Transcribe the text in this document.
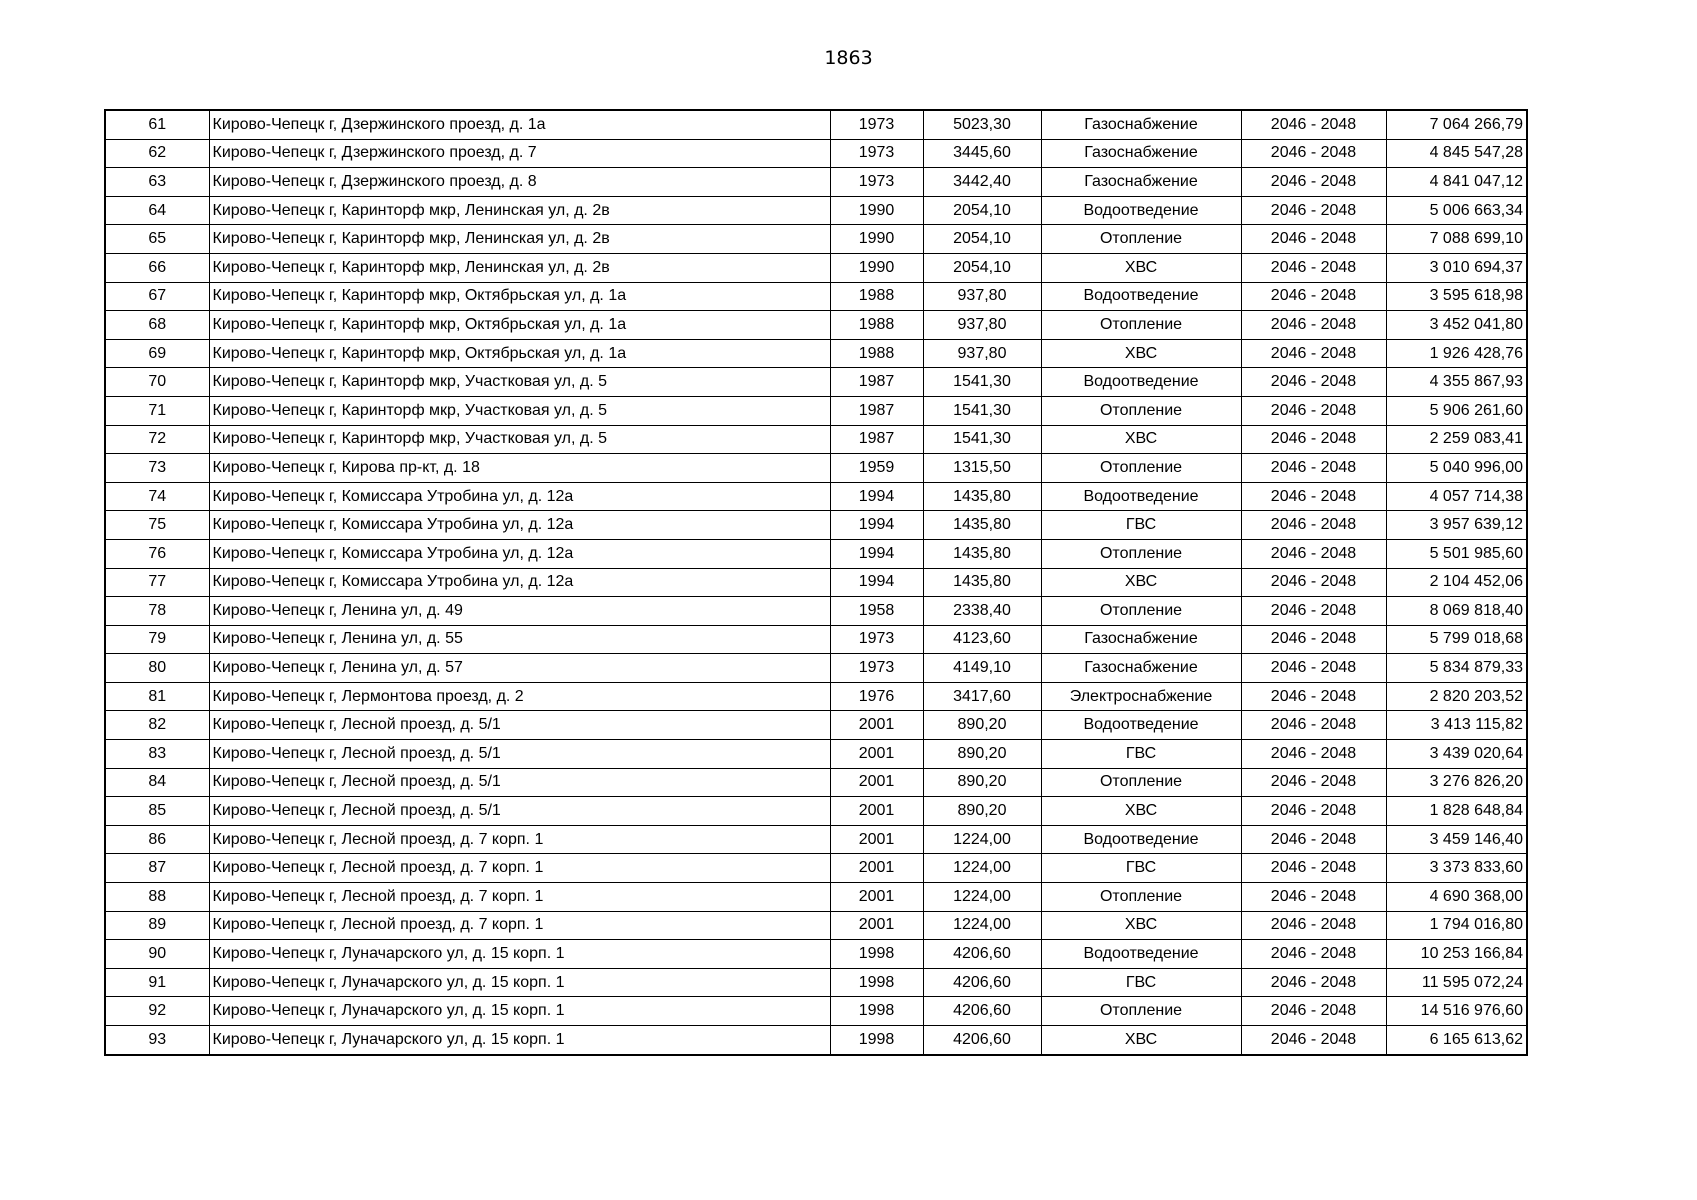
1863
61	Кирово-Чепецк г, Дзержинского проезд, д. 1а	1973	5023,30	Газоснабжение	2046 - 2048	7 064 266,79
62	Кирово-Чепецк г, Дзержинского проезд, д. 7	1973	3445,60	Газоснабжение	2046 - 2048	4 845 547,28
63	Кирово-Чепецк г, Дзержинского проезд, д. 8	1973	3442,40	Газоснабжение	2046 - 2048	4 841 047,12
64	Кирово-Чепецк г, Каринторф мкр, Ленинская ул, д. 2в	1990	2054,10	Водоотведение	2046 - 2048	5 006 663,34
65	Кирово-Чепецк г, Каринторф мкр, Ленинская ул, д. 2в	1990	2054,10	Отопление	2046 - 2048	7 088 699,10
66	Кирово-Чепецк г, Каринторф мкр, Ленинская ул, д. 2в	1990	2054,10	ХВС	2046 - 2048	3 010 694,37
67	Кирово-Чепецк г, Каринторф мкр, Октябрьская ул, д. 1а	1988	937,80	Водоотведение	2046 - 2048	3 595 618,98
68	Кирово-Чепецк г, Каринторф мкр, Октябрьская ул, д. 1а	1988	937,80	Отопление	2046 - 2048	3 452 041,80
69	Кирово-Чепецк г, Каринторф мкр, Октябрьская ул, д. 1а	1988	937,80	ХВС	2046 - 2048	1 926 428,76
70	Кирово-Чепецк г, Каринторф мкр, Участковая ул, д. 5	1987	1541,30	Водоотведение	2046 - 2048	4 355 867,93
71	Кирово-Чепецк г, Каринторф мкр, Участковая ул, д. 5	1987	1541,30	Отопление	2046 - 2048	5 906 261,60
72	Кирово-Чепецк г, Каринторф мкр, Участковая ул, д. 5	1987	1541,30	ХВС	2046 - 2048	2 259 083,41
73	Кирово-Чепецк г, Кирова пр-кт, д. 18	1959	1315,50	Отопление	2046 - 2048	5 040 996,00
74	Кирово-Чепецк г, Комиссара Утробина ул, д. 12а	1994	1435,80	Водоотведение	2046 - 2048	4 057 714,38
75	Кирово-Чепецк г, Комиссара Утробина ул, д. 12а	1994	1435,80	ГВС	2046 - 2048	3 957 639,12
76	Кирово-Чепецк г, Комиссара Утробина ул, д. 12а	1994	1435,80	Отопление	2046 - 2048	5 501 985,60
77	Кирово-Чепецк г, Комиссара Утробина ул, д. 12а	1994	1435,80	ХВС	2046 - 2048	2 104 452,06
78	Кирово-Чепецк г, Ленина ул, д. 49	1958	2338,40	Отопление	2046 - 2048	8 069 818,40
79	Кирово-Чепецк г, Ленина ул, д. 55	1973	4123,60	Газоснабжение	2046 - 2048	5 799 018,68
80	Кирово-Чепецк г, Ленина ул, д. 57	1973	4149,10	Газоснабжение	2046 - 2048	5 834 879,33
81	Кирово-Чепецк г, Лермонтова проезд, д. 2	1976	3417,60	Электроснабжение	2046 - 2048	2 820 203,52
82	Кирово-Чепецк г, Лесной проезд, д. 5/1	2001	890,20	Водоотведение	2046 - 2048	3 413 115,82
83	Кирово-Чепецк г, Лесной проезд, д. 5/1	2001	890,20	ГВС	2046 - 2048	3 439 020,64
84	Кирово-Чепецк г, Лесной проезд, д. 5/1	2001	890,20	Отопление	2046 - 2048	3 276 826,20
85	Кирово-Чепецк г, Лесной проезд, д. 5/1	2001	890,20	ХВС	2046 - 2048	1 828 648,84
86	Кирово-Чепецк г, Лесной проезд, д. 7 корп. 1	2001	1224,00	Водоотведение	2046 - 2048	3 459 146,40
87	Кирово-Чепецк г, Лесной проезд, д. 7 корп. 1	2001	1224,00	ГВС	2046 - 2048	3 373 833,60
88	Кирово-Чепецк г, Лесной проезд, д. 7 корп. 1	2001	1224,00	Отопление	2046 - 2048	4 690 368,00
89	Кирово-Чепецк г, Лесной проезд, д. 7 корп. 1	2001	1224,00	ХВС	2046 - 2048	1 794 016,80
90	Кирово-Чепецк г, Луначарского ул, д. 15 корп. 1	1998	4206,60	Водоотведение	2046 - 2048	10 253 166,84
91	Кирово-Чепецк г, Луначарского ул, д. 15 корп. 1	1998	4206,60	ГВС	2046 - 2048	11 595 072,24
92	Кирово-Чепецк г, Луначарского ул, д. 15 корп. 1	1998	4206,60	Отопление	2046 - 2048	14 516 976,60
93	Кирово-Чепецк г, Луначарского ул, д. 15 корп. 1	1998	4206,60	ХВС	2046 - 2048	6 165 613,62
